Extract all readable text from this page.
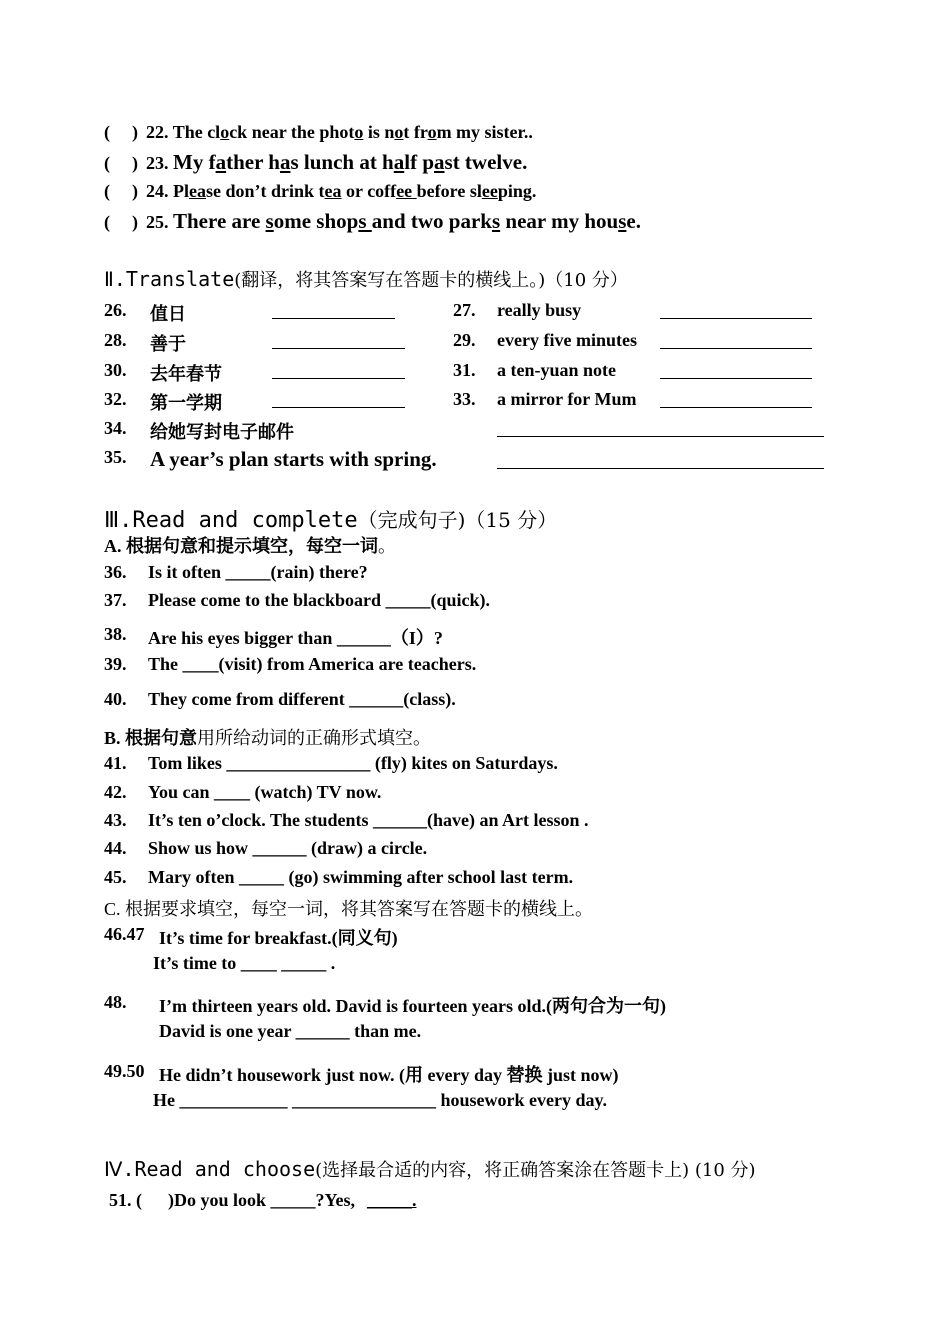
( ) 22. The clock near the photo is not from my sister..
( ) 23. My father has lunch at half past twelve.
( ) 24. Please don’t drink tea or coffee before sleeping.
( ) 25. There are some shops and two parks near my house.
Ⅱ.Translate(翻译，将其答案写在答题卡的横线上。)（10 分）
26. 值日	27. really busy
28. 善于	29. every five minutes
30. 去年春节	31. a ten-yuan note
32. 第一学期	33. a mirror for Mum
34. 给她写封电子邮件
35. A year’s plan starts with spring.
Ⅲ.Read and complete（完成句子)（15 分）
A. 根据句意和提示填空，每空一词。
36. Is it often _____(rain) there?
37. Please come to the blackboard _____(quick).
38. Are his eyes bigger than ______（I）?
39. The ____(visit) from America are teachers.
40. They come from different ______(class).
B. 根据句意用所给动词的正确形式填空。
41. Tom likes ________________ (fly) kites on Saturdays.
42. You can ____ (watch) TV now.
43. It’s ten o’clock. The students ______(have) an Art lesson .
44. Show us how ______ (draw) a circle.
45. Mary often _____ (go) swimming after school last term.
C. 根据要求填空，每空一词，将其答案写在答题卡的横线上。
46.47 It’s time for breakfast.(同义句)
It’s time to ____ _____ .
48. I’m thirteen years old. David is fourteen years old.(两句合为一句)
David is one year ______ than me.
49.50 He didn’t housework just now. (用 every day 替换 just now)
He ____________ ________________ housework every day.
Ⅳ.Read and choose(选择最合适的内容，将正确答案涂在答题卡上) (10 分)
51. ( )Do you look _____?Yes, _____.
